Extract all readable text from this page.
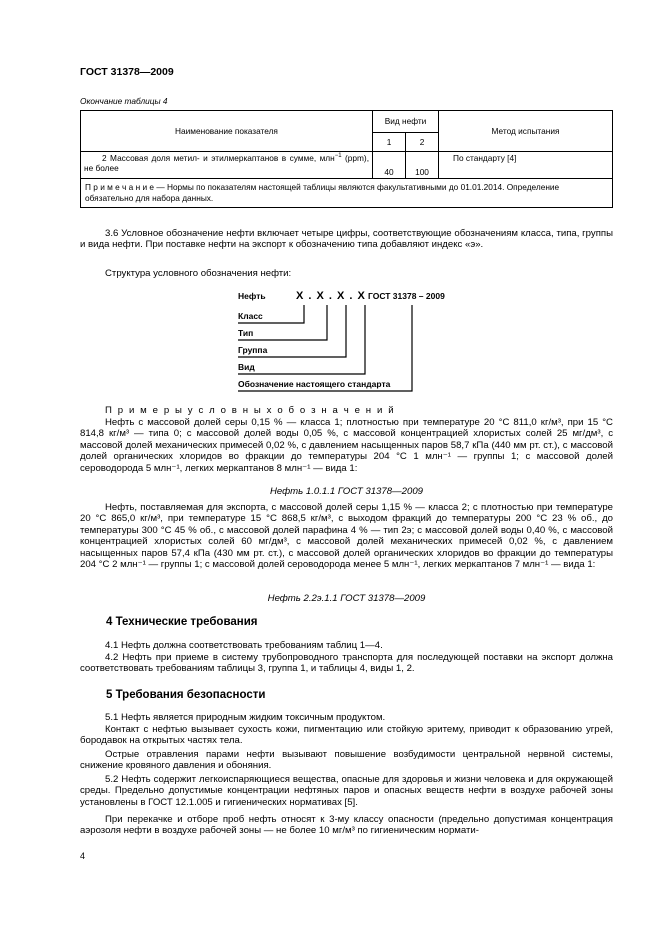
ГОСТ 31378—2009
Окончание таблицы 4
Наименование показателя	Вид нефти		Метод испытания
	1	2	
2 Массовая доля метил- и этилмеркаптанов в сумме, млн$^{-1}$ (ppm), не более	40	100	По стандарту [4]
П р и м е ч а н и е — Нормы по показателям настоящей таблицы являются факультативными до 01.01.2014. Определение обязательно для набора данных.			
3.6 Условное обозначение нефти включает четыре цифры, соответствующие обозначениям класса, типа, группы и вида нефти. При поставке нефти на экспорт к обозначению типа добавляют индекс «э».
Структура условного обозначения нефти:
Нефть	X . X . X . X ГОСТ 31378 – 2009
Класс
Тип
Группа
Вид
Обозначение настоящего стандарта
П р и м е р ы у с л о в н ы х о б о з н а ч е н и й
Нефть с массовой долей серы 0,15 % — класса 1; плотностью при температуре 20 °С 811,0 кг/м³, при 15 °С 814,8 кг/м³ — типа 0; с массовой долей воды 0,05 %, с массовой концентрацией хлористых солей 25 мг/дм³, с массовой долей механических примесей 0,02 %, с давлением насыщенных паров 58,7 кПа (440 мм рт. ст.), с массовой долей органических хлоридов во фракции до температуры 204 °С 1 млн⁻¹ — группы 1; с массовой долей сероводорода 5 млн⁻¹, легких меркаптанов 8 млн⁻¹ — вида 1:
Нефть 1.0.1.1 ГОСТ 31378—2009
Нефть, поставляемая для экспорта, с массовой долей серы 1,15 % — класса 2; с плотностью при температуре 20 °С 865,0 кг/м³, при температуре 15 °С 868,5 кг/м³, с выходом фракций до температуры 200 °С 23 % об., до температуры 300 °С 45 % об., с массовой долей парафина 4 % — тип 2э; с массовой долей воды 0,40 %, с массовой концентрацией хлористых солей 60 мг/дм³, с массовой долей механических примесей 0,02 %, с давлением насыщенных паров 57,4 кПа (430 мм рт. ст.), с массовой долей органических хлоридов во фракции до температуры 204 °С 2 млн⁻¹ — группы 1; с массовой долей сероводорода менее 5 млн⁻¹, легких меркаптанов 7 млн⁻¹ — вида 1:
Нефть 2.2э.1.1 ГОСТ 31378—2009
4 Технические требования
4.1 Нефть должна соответствовать требованиям таблиц 1—4.
4.2 Нефть при приеме в систему трубопроводного транспорта для последующей поставки на экспорт должна соответствовать требованиям таблицы 3, группа 1, и таблицы 4, виды 1, 2.
5 Требования безопасности
5.1 Нефть является природным жидким токсичным продуктом.
Контакт с нефтью вызывает сухость кожи, пигментацию или стойкую эритему, приводит к образованию угрей, бородавок на открытых частях тела.
Острые отравления парами нефти вызывают повышение возбудимости центральной нервной системы, снижение кровяного давления и обоняния.
5.2 Нефть содержит легкоиспаряющиеся вещества, опасные для здоровья и жизни человека и для окружающей среды. Предельно допустимые концентрации нефтяных паров и опасных веществ нефти в воздухе рабочей зоны установлены в ГОСТ 12.1.005 и гигиенических нормативах [5].
При перекачке и отборе проб нефть относят к 3-му классу опасности (предельно допустимая концентрация аэрозоля нефти в воздухе рабочей зоны — не более 10 мг/м³ по гигиеническим нормати-
4
